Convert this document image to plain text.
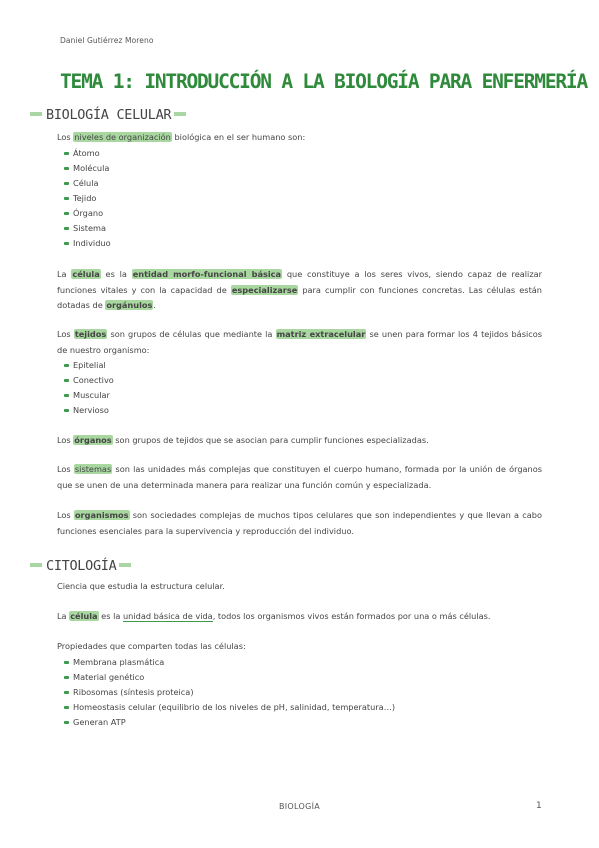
Daniel Gutiérrez Moreno
TEMA 1: INTRODUCCIÓN A LA BIOLOGÍA PARA ENFERMERÍA
BIOLOGÍA CELULAR
Los niveles de organización biológica en el ser humano son:
Átomo
Molécula
Célula
Tejido
Órgano
Sistema
Individuo
La célula es la entidad morfo-funcional básica que constituye a los seres vivos, siendo capaz de realizar funciones vitales y con la capacidad de especializarse para cumplir con funciones concretas. Las células están dotadas de orgánulos.
Los tejidos son grupos de células que mediante la matriz extracelular se unen para formar los 4 tejidos básicos de nuestro organismo:
Epitelial
Conectivo
Muscular
Nervioso
Los órganos son grupos de tejidos que se asocian para cumplir funciones especializadas.
Los sistemas son las unidades más complejas que constituyen el cuerpo humano, formada por la unión de órganos que se unen de una determinada manera para realizar una función común y especializada.
Los organismos son sociedades complejas de muchos tipos celulares que son independientes y que llevan a cabo funciones esenciales para la supervivencia y reproducción del individuo.
CITOLOGÍA
Ciencia que estudia la estructura celular.
La célula es la unidad básica de vida, todos los organismos vivos están formados por una o más células.
Propiedades que comparten todas las células:
Membrana plasmática
Material genético
Ribosomas (síntesis proteica)
Homeostasis celular (equilibrio de los niveles de pH, salinidad, temperatura…)
Generan ATP
BIOLOGÍA	1
